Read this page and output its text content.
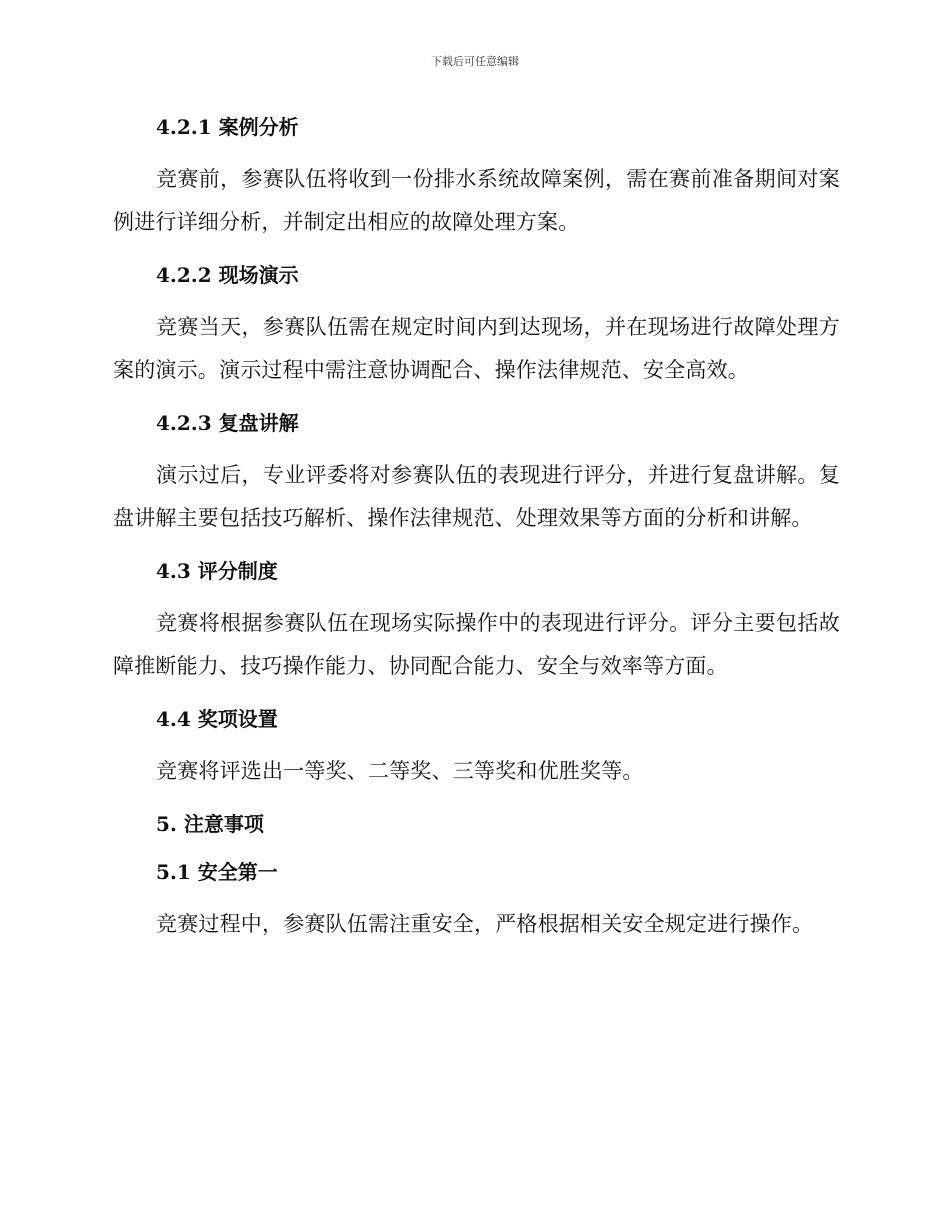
下载后可任意编辑
4.2.1 案例分析
竞赛前，参赛队伍将收到一份排水系统故障案例，需在赛前准备期间对案例进行详细分析，并制定出相应的故障处理方案。
4.2.2 现场演示
竞赛当天，参赛队伍需在规定时间内到达现场，并在现场进行故障处理方案的演示。演示过程中需注意协调配合、操作法律规范、安全高效。
4.2.3 复盘讲解
演示过后，专业评委将对参赛队伍的表现进行评分，并进行复盘讲解。复盘讲解主要包括技巧解析、操作法律规范、处理效果等方面的分析和讲解。
4.3 评分制度
竞赛将根据参赛队伍在现场实际操作中的表现进行评分。评分主要包括故障推断能力、技巧操作能力、协同配合能力、安全与效率等方面。
4.4 奖项设置
竞赛将评选出一等奖、二等奖、三等奖和优胜奖等。
5. 注意事项
5.1 安全第一
竞赛过程中，参赛队伍需注重安全，严格根据相关安全规定进行操作。
